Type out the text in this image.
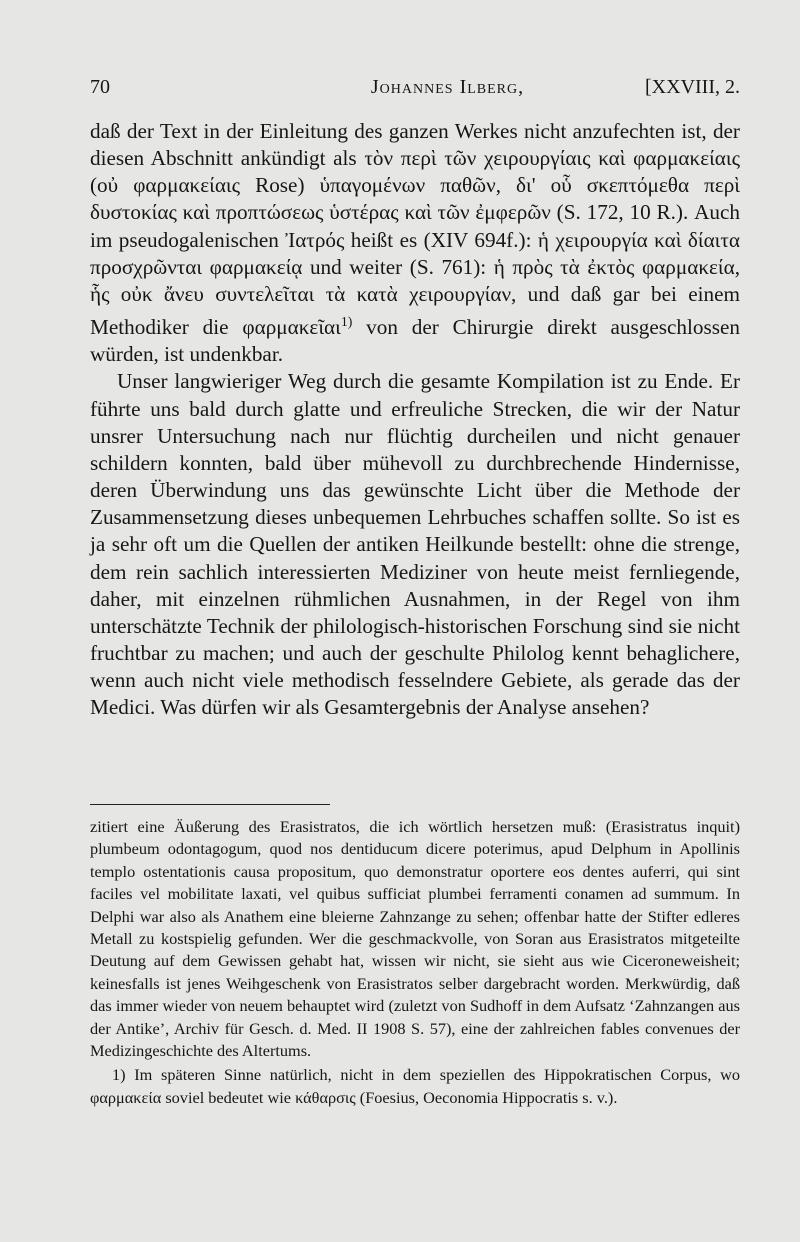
70	Johannes Ilberg,	[XXVIII, 2.

daß der Text in der Einleitung des ganzen Werkes nicht anzufechten ist, der diesen Abschnitt ankündigt als τὸν περὶ τῶν χειρουργίαις καὶ φαρμακείαις (οὐ φαρμακείαις Rose) ὑπαγομένων παθῶν, δι' οὗ σκεπτόμεθα περὶ δυστοκίας καὶ προπτώσεως ὑστέρας καὶ τῶν ἐμφερῶν (S. 172, 10 R.). Auch im pseudogalenischen Ἰατρός heißt es (XIV 694f.): ἡ χειρουργία καὶ δίαιτα προσχρῶνται φαρμακείᾳ und weiter (S. 761): ἡ πρὸς τὰ ἐκτὸς φαρμακεία, ἧς οὐκ ἄνευ συντελεῖται τὰ κατὰ χειρουργίαν, und daß gar bei einem Methodiker die φαρμακεῖαι$^{1)}$ von der Chirurgie direkt ausgeschlossen würden, ist undenkbar.

Unser langwieriger Weg durch die gesamte Kompilation ist zu Ende. Er führte uns bald durch glatte und erfreuliche Strecken, die wir der Natur unsrer Untersuchung nach nur flüchtig durcheilen und nicht genauer schildern konnten, bald über mühevoll zu durchbrechende Hindernisse, deren Überwindung uns das gewünschte Licht über die Methode der Zusammensetzung dieses unbequemen Lehrbuches schaffen sollte. So ist es ja sehr oft um die Quellen der antiken Heilkunde bestellt: ohne die strenge, dem rein sachlich interessierten Mediziner von heute meist fernliegende, daher, mit einzelnen rühmlichen Ausnahmen, in der Regel von ihm unterschätzte Technik der philologisch-historischen Forschung sind sie nicht fruchtbar zu machen; und auch der geschulte Philolog kennt behaglichere, wenn auch nicht viele methodisch fesselndere Gebiete, als gerade das der Medici. Was dürfen wir als Gesamtergebnis der Analyse ansehen?

zitiert eine Äußerung des Erasistratos, die ich wörtlich hersetzen muß: (Erasistratus inquit) plumbeum odontagogum, quod nos dentiducum dicere poterimus, apud Delphum in Apollinis templo ostentationis causa propositum, quo demonstratur oportere eos dentes auferri, qui sint faciles vel mobilitate laxati, vel quibus sufficiat plumbei ferramenti conamen ad summum. In Delphi war also als Anathem eine bleierne Zahnzange zu sehen; offenbar hatte der Stifter edleres Metall zu kostspielig gefunden. Wer die geschmackvolle, von Soran aus Erasistratos mitgeteilte Deutung auf dem Gewissen gehabt hat, wissen wir nicht, sie sieht aus wie Ciceroneweisheit; keinesfalls ist jenes Weihgeschenk von Erasistratos selber dargebracht worden. Merkwürdig, daß das immer wieder von neuem behauptet wird (zuletzt von Sudhoff in dem Aufsatz ‘Zahnzangen aus der Antike’, Archiv für Gesch. d. Med. II 1908 S. 57), eine der zahlreichen fables convenues der Medizingeschichte des Altertums.

1) Im späteren Sinne natürlich, nicht in dem speziellen des Hippokratischen Corpus, wo φαρμακεία soviel bedeutet wie κάθαρσις (Foesius, Oeconomia Hippocratis s. v.).
